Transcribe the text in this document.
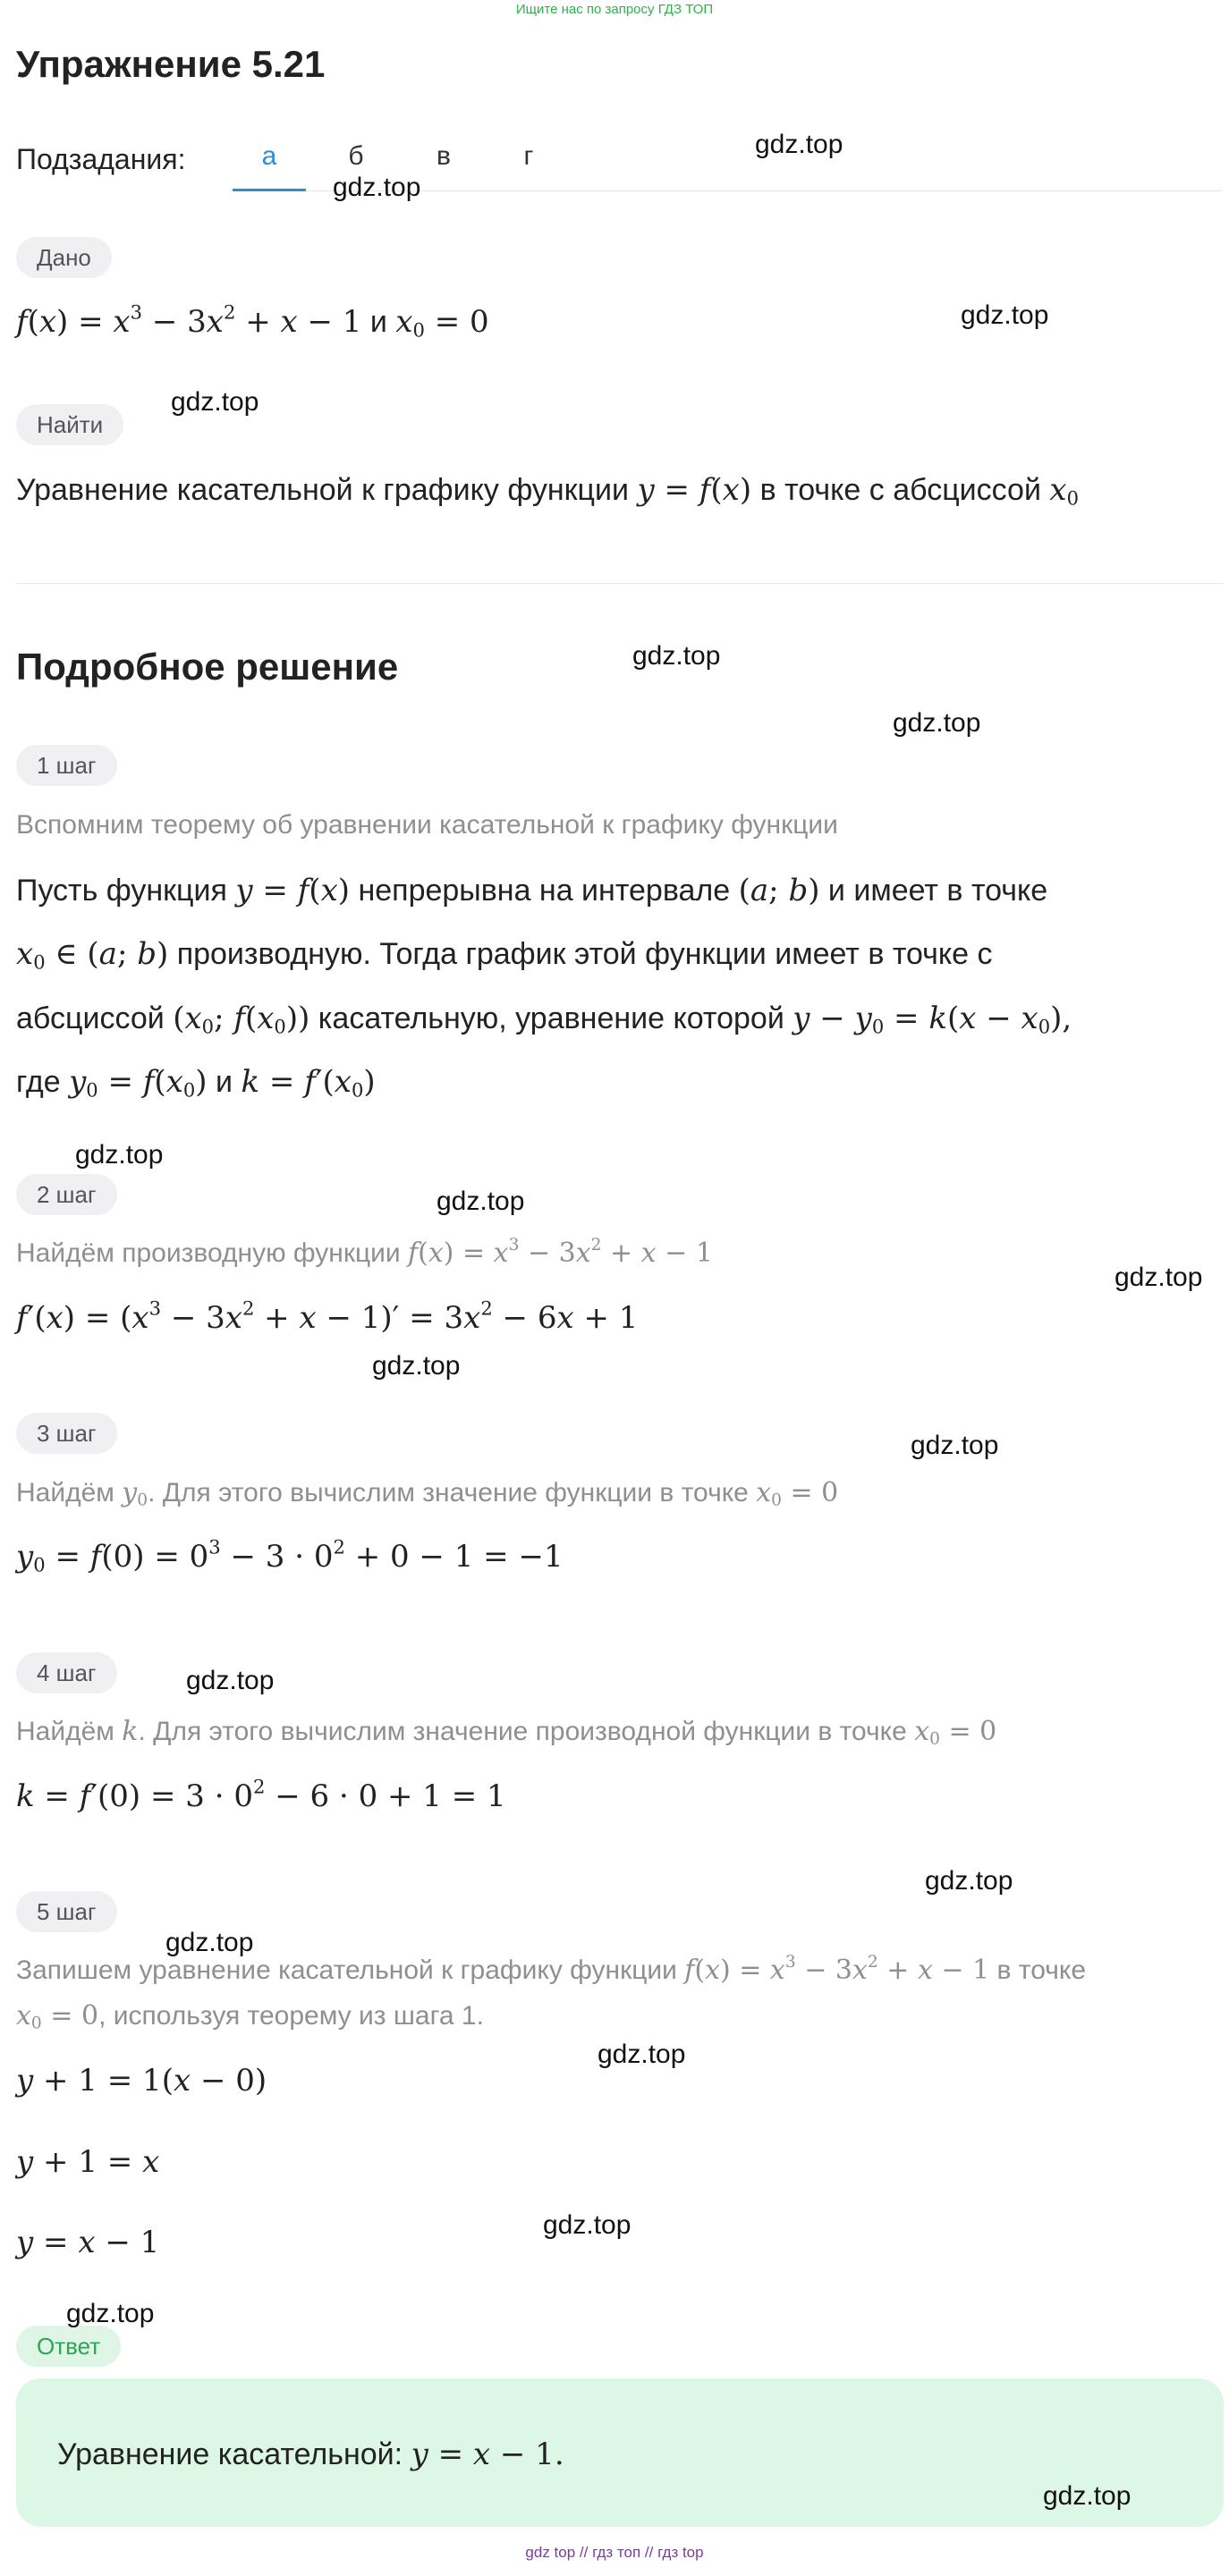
Ищите нас по запросу ГДЗ ТОП
Упражнение 5.21
Подзадания:	а	б	в	г
Дано
$f(x) = x^3 - 3x^2 + x - 1$ и $x_0 = 0$
Найти
Уравнение касательной к графику функции y = f(x) в точке с абсциссой $x_0$
Подробное решение
1 шаг
Вспомним теорему об уравнении касательной к графику функции
Пусть функция y = f(x) непрерывна на интервале (a; b) и имеет в точке
$x_0$ ∈ (a; b) производную. Тогда график этой функции имеет в точке с
абсциссой ($x_0$; $f(x_0)$) касательную, уравнение которой $y - y_0 = k(x - x_0)$,
где $y_0 = f(x_0)$ и $k = f'(x_0)$
2 шаг
Найдём производную функции $f(x) = x^3 - 3x^2 + x - 1$
$f'(x) = (x^3 - 3x^2 + x - 1)' = 3x^2 - 6x + 1$
3 шаг
Найдём $y_0$. Для этого вычислим значение функции в точке $x_0 = 0$
$y_0 = f(0) = 0^3 - 3 \cdot 0^2 + 0 - 1 = -1$
4 шаг
Найдём k. Для этого вычислим значение производной функции в точке $x_0 = 0$
$k = f'(0) = 3 \cdot 0^2 - 6 \cdot 0 + 1 = 1$
5 шаг
Запишем уравнение касательной к графику функции $f(x) = x^3 - 3x^2 + x - 1$ в точке
$x_0 = 0$, используя теорему из шага 1.
y + 1 = 1(x − 0)
y + 1 = x
y = x − 1
Ответ
Уравнение касательной: y = x − 1.
gdz.top
gdz.top
gdz.top
gdz.top
gdz.top
gdz.top
gdz.top
gdz.top
gdz.top
gdz.top
gdz.top
gdz.top
gdz.top
gdz.top
gdz.top
gdz.top
gdz.top
gdz.top
gdz top // гдз топ // гдз top
